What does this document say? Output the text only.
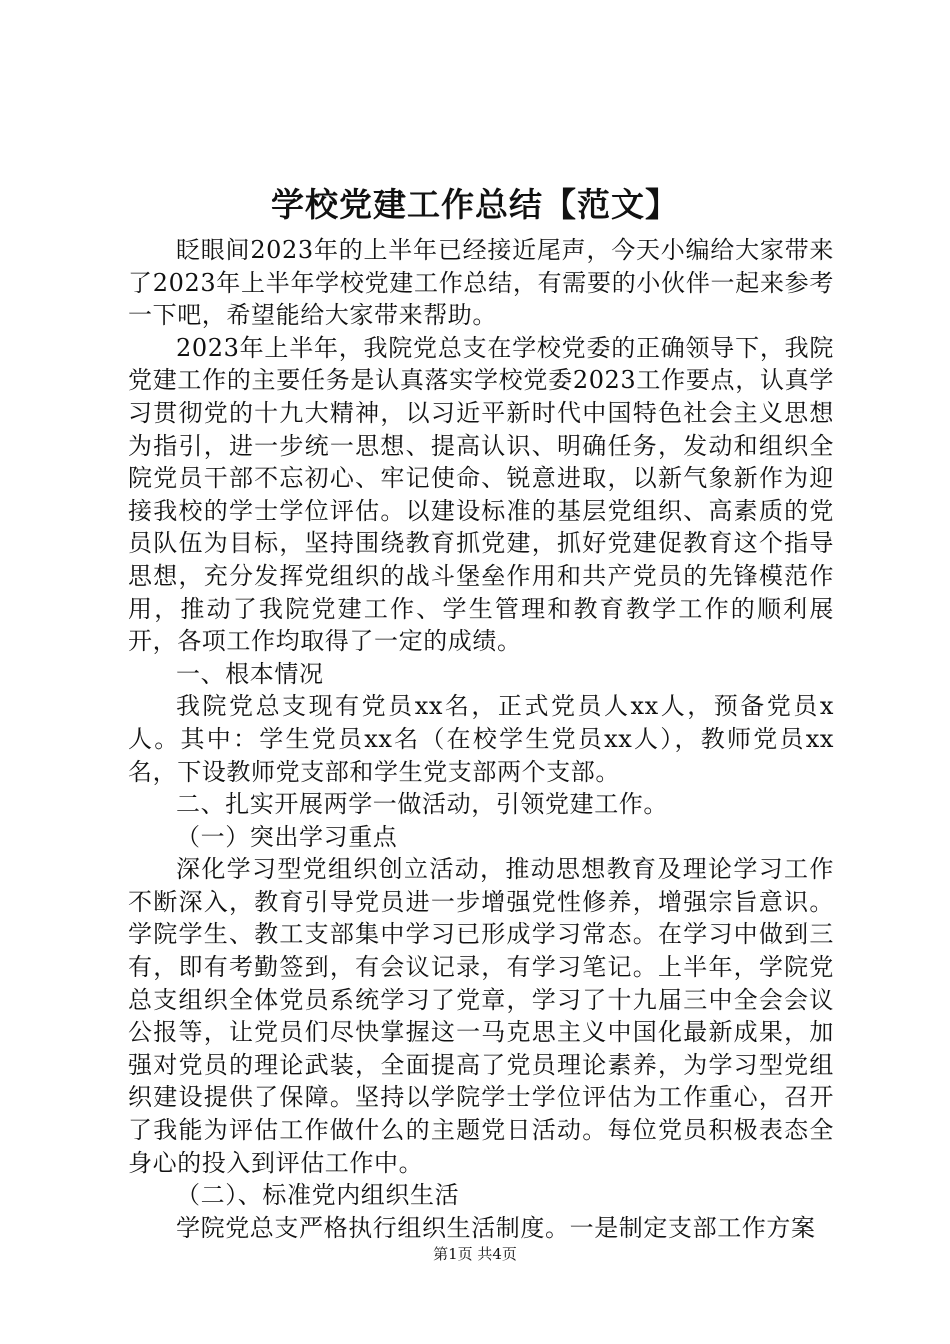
学校党建工作总结【范文】

眨眼间2023年的上半年已经接近尾声，今天小编给大家带来了2023年上半年学校党建工作总结，有需要的小伙伴一起来参考一下吧，希望能给大家带来帮助。

2023年上半年，我院党总支在学校党委的正确领导下，我院党建工作的主要任务是认真落实学校党委2023工作要点，认真学习贯彻党的十九大精神，以习近平新时代中国特色社会主义思想为指引，进一步统一思想、提高认识、明确任务，发动和组织全院党员干部不忘初心、牢记使命、锐意进取，以新气象新作为迎接我校的学士学位评估。以建设标准的基层党组织、高素质的党员队伍为目标，坚持围绕教育抓党建，抓好党建促教育这个指导思想，充分发挥党组织的战斗堡垒作用和共产党员的先锋模范作用，推动了我院党建工作、学生管理和教育教学工作的顺利展开，各项工作均取得了一定的成绩。

一、根本情况

我院党总支现有党员xx名，正式党员人xx人，预备党员x人。其中：学生党员xx名（在校学生党员xx人），教师党员xx名，下设教师党支部和学生党支部两个支部。

二、扎实开展两学一做活动，引领党建工作。

（一）突出学习重点

深化学习型党组织创立活动，推动思想教育及理论学习工作不断深入，教育引导党员进一步增强党性修养，增强宗旨意识。学院学生、教工支部集中学习已形成学习常态。在学习中做到三有，即有考勤签到，有会议记录，有学习笔记。上半年，学院党总支组织全体党员系统学习了党章，学习了十九届三中全会会议公报等，让党员们尽快掌握这一马克思主义中国化最新成果，加强对党员的理论武装，全面提高了党员理论素养，为学习型党组织建设提供了保障。坚持以学院学士学位评估为工作重心，召开了我能为评估工作做什么的主题党日活动。每位党员积极表态全身心的投入到评估工作中。

（二）、标准党内组织生活

学院党总支严格执行组织生活制度。一是制定支部工作方案

第1页 共4页
